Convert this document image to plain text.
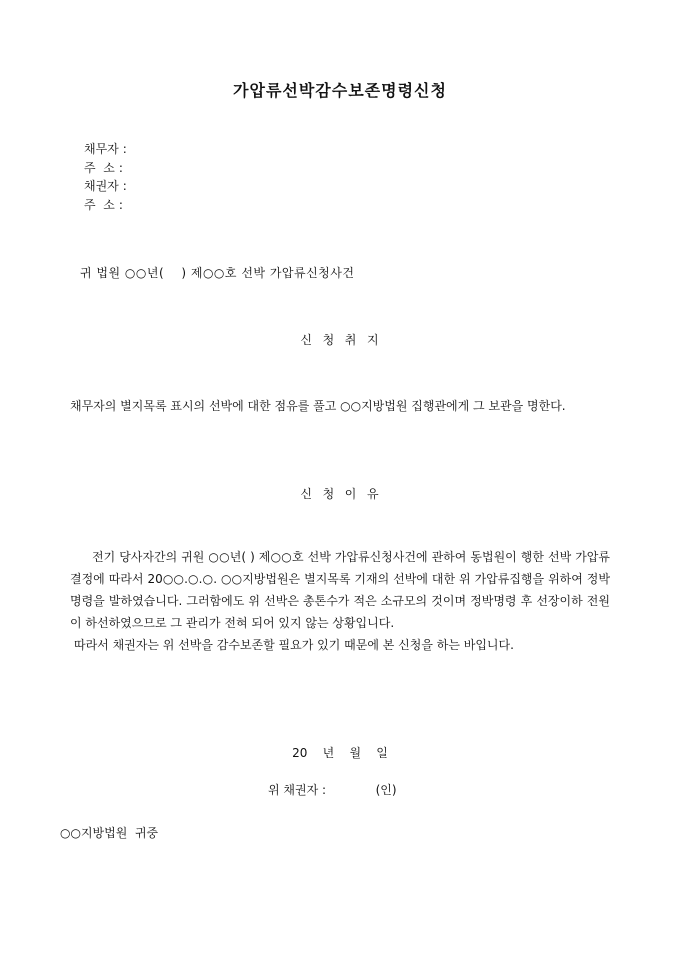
가압류선박감수보존명령신청
채무자 :
주  소 :
채권자 :
주  소 :
귀 법원 ○○년(    ) 제○○호 선박 가압류신청사건
신  청  취  지
채무자의 별지목록 표시의 선박에 대한 점유를 풀고 ○○지방법원 집행관에게 그 보관을 명한다.
신  청  이  유
전기 당사자간의 귀원 ○○년( ) 제○○호 선박 가압류신청사건에 관하여 동법원이 행한 선박 가압류결정에 따라서 20○○.○.○. ○○지방법원은 별지목록 기재의 선박에 대한 위 가압류집행을 위하여 정박명령을 발하였습니다. 그러함에도 위 선박은 총톤수가 적은 소규모의 것이며 정박명령 후 선장이하 전원이 하선하였으므로 그 관리가 전혀 되어 있지 않는 상황입니다.
따라서 채권자는 위 선박을 감수보존할 필요가 있기 때문에 본 신청을 하는 바입니다.
20    년    월    일
위 채권자 :             (인)
○○지방법원  귀중
